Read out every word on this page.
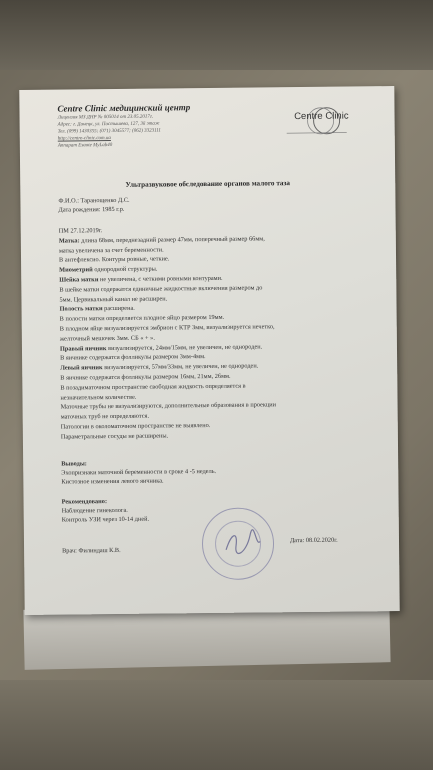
Centre Clinic медицинский центр
Лицензия МЗ ДНР № 005014 от 23.05.2017г.
Адрес: г. Донецк, ул. Постышева, 127, 3й этаж
Тел. (099) 1430355; (071) 3045577; (062) 3323111
http://centre-clinic.com.ua
Аппарат Esaote MyLab40
Centre Clinic
Ультразвуковое обследование органов малого таза
Ф.И.О.: Таранощенко Д.С.
Дата рождения: 1985 г.р.
ПМ 27.12.2019г.
Матка: длина 68мм, переднезадний размер 47мм, поперечный размер 66мм,
матка увеличена за счет беременности.
В антефлексио. Контуры ровные, четкие.
Миометрий однородной структуры.
Шейка матки не увеличена, с четкими ровными контурами.
В шейке матки содержатся единичные жидкостные включения размером до
5мм. Цервикальный канал не расширен.
Полость матки расширена.
В полости матки определяется плодное яйцо размером 19мм.
В плодном яйце визуализируется эмбрион с КТР 3мм, визуализируется нечетко,
желточный мешочек 3мм. СБ « + ».
Правый яичник визуализируется, 24мм/15мм, не увеличен, не однороден.
В яичнике содержатся фолликулы размером 3мм-4мм.
Левый яичник визуализируется, 57мм/33мм, не увеличен, не однороден.
В яичнике содержатся фолликулы размером 16мм, 21мм, 26мм.
В позадиматочном пространстве свободная жидкость определяется в
незначительном количестве.
Маточные трубы не визуализируются, дополнительные образования в проекции
маточных труб не определяются.
Патологии в околоматочном пространстве не выявлено.
Параметральные сосуды не расширены.
Выводы:
Эхопризнаки маточной беременности в сроке 4 -5 недель.
Кистозное изменения левого яичника.
Рекомендовано:
Наблюдение гинеколога.
Контроль УЗИ через 10-14 дней.
Врач: Филиндаш К.В.
Дата: 08.02.2020г.
